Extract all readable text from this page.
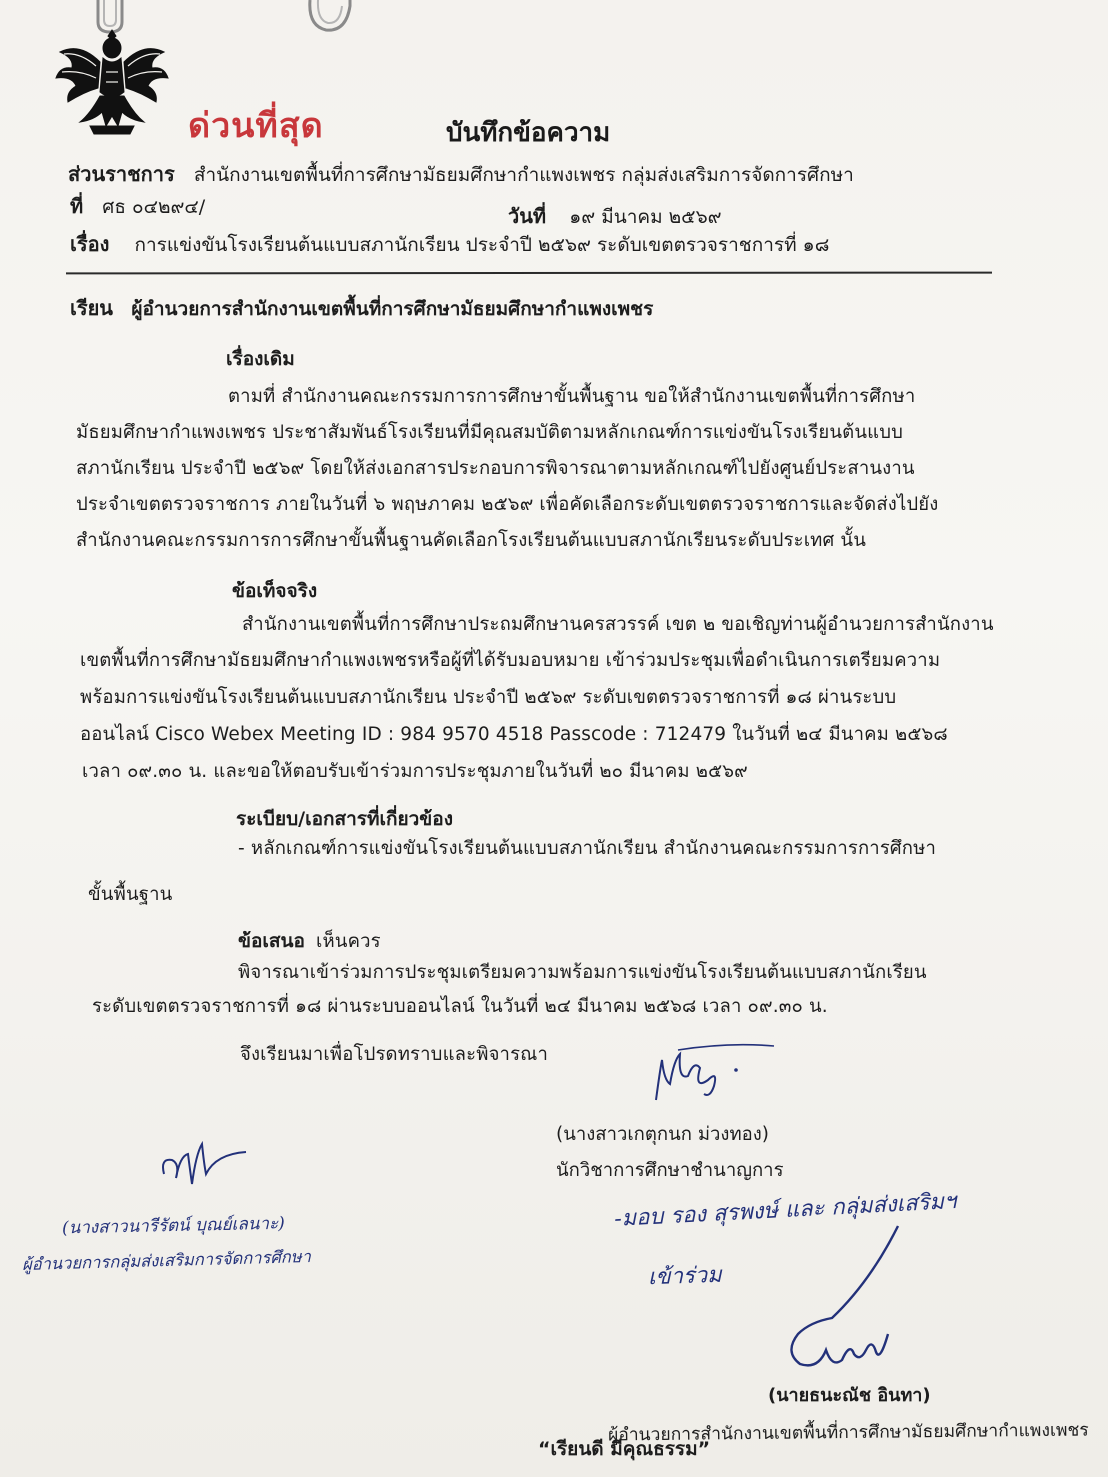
ด่วนที่สุด	บันทึกข้อความ
ส่วนราชการ สำนักงานเขตพื้นที่การศึกษามัธยมศึกษากำแพงเพชร กลุ่มส่งเสริมการจัดการศึกษา
ที่ ศธ ๐๔๒๙๔/	วันที่ ๑๙ มีนาคม ๒๕๖๙
เรื่อง การแข่งขันโรงเรียนต้นแบบสภานักเรียน ประจำปี ๒๕๖๙ ระดับเขตตรวจราชการที่ ๑๘
เรียน ผู้อำนวยการสำนักงานเขตพื้นที่การศึกษามัธยมศึกษากำแพงเพชร
เรื่องเดิม
ตามที่ สำนักงานคณะกรรมการการศึกษาขั้นพื้นฐาน ขอให้สำนักงานเขตพื้นที่การศึกษา
มัธยมศึกษากำแพงเพชร ประชาสัมพันธ์โรงเรียนที่มีคุณสมบัติตามหลักเกณฑ์การแข่งขันโรงเรียนต้นแบบ
สภานักเรียน ประจำปี ๒๕๖๙ โดยให้ส่งเอกสารประกอบการพิจารณาตามหลักเกณฑ์ไปยังศูนย์ประสานงาน
ประจำเขตตรวจราชการ ภายในวันที่ ๖ พฤษภาคม ๒๕๖๙ เพื่อคัดเลือกระดับเขตตรวจราชการและจัดส่งไปยัง
สำนักงานคณะกรรมการการศึกษาขั้นพื้นฐานคัดเลือกโรงเรียนต้นแบบสภานักเรียนระดับประเทศ นั้น
ข้อเท็จจริง
สำนักงานเขตพื้นที่การศึกษาประถมศึกษานครสวรรค์ เขต ๒ ขอเชิญท่านผู้อำนวยการสำนักงาน
เขตพื้นที่การศึกษามัธยมศึกษากำแพงเพชรหรือผู้ที่ได้รับมอบหมาย เข้าร่วมประชุมเพื่อดำเนินการเตรียมความ
พร้อมการแข่งขันโรงเรียนต้นแบบสภานักเรียน ประจำปี ๒๕๖๙ ระดับเขตตรวจราชการที่ ๑๘ ผ่านระบบ
ออนไลน์ Cisco Webex Meeting ID : 984 9570 4518 Passcode : 712479 ในวันที่ ๒๔ มีนาคม ๒๕๖๘
เวลา ๐๙.๓๐ น. และขอให้ตอบรับเข้าร่วมการประชุมภายในวันที่ ๒๐ มีนาคม ๒๕๖๙
ระเบียบ/เอกสารที่เกี่ยวข้อง
- หลักเกณฑ์การแข่งขันโรงเรียนต้นแบบสภานักเรียน สำนักงานคณะกรรมการการศึกษา
ขั้นพื้นฐาน
ข้อเสนอ เห็นควร
พิจารณาเข้าร่วมการประชุมเตรียมความพร้อมการแข่งขันโรงเรียนต้นแบบสภานักเรียน
ระดับเขตตรวจราชการที่ ๑๘ ผ่านระบบออนไลน์ ในวันที่ ๒๔ มีนาคม ๒๕๖๘ เวลา ๐๙.๓๐ น.
จึงเรียนมาเพื่อโปรดทราบและพิจารณา
(นางสาวเกตุกนก ม่วงทอง)
นักวิชาการศึกษาชำนาญการ
(นางสาวนารีรัตน์ บุณย์เลนาะ)
ผู้อำนวยการกลุ่มส่งเสริมการจัดการศึกษา
-มอบ รอง สุรพงษ์ และ กลุ่มส่งเสริมฯ
เข้าร่วม
(นายธนะณัช อินทา)
ผู้อำนวยการสำนักงานเขตพื้นที่การศึกษามัธยมศึกษากำแพงเพชร
“เรียนดี มีคุณธรรม”
